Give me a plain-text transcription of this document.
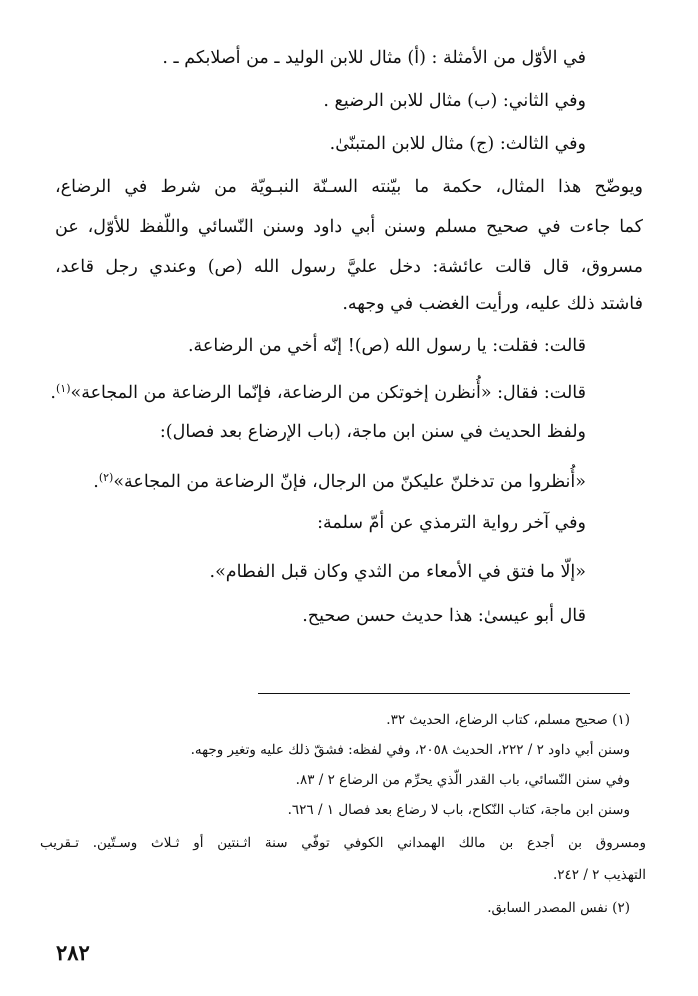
في الأوّل من الأمثلة : (أ) مثال للابن الوليد ـ من أصلابكم ـ .
وفي الثاني: (ب) مثال للابن الرضيع .
وفي الثالث: (ج) مثال للابن المتبنّىٰ.
ويوضّح هذا المثال، حكمة ما بيّنته السـنّة النبـويّة من شرط في الرضاع،
كما جاءت في صحيح مسلم وسنن أبي داود وسنن النّسائي واللّفظ للأوّل، عن
مسروق، قال قالت عائشة: دخل عليَّ رسول الله (ص) وعندي رجل قاعد،
فاشتد ذلك عليه، ورأيت الغضب في وجهه.
قالت: فقلت: يا رسول الله (ص)! إنّه أخي من الرضاعة.
قالت: فقال: «أُنظرن إخوتكن من الرضاعة، فإنّما الرضاعة من المجاعة»$^{(١)}$.
ولفظ الحديث في سنن ابن ماجة، (باب الإرضاع بعد فصال):
«أُنظروا من تدخلنّ عليكنّ من الرجال، فإنّ الرضاعة من المجاعة»$^{(٢)}$.
وفي آخر رواية الترمذي عن أمّ سلمة:
«إلّا ما فتق في الأمعاء من الثدي وكان قبل الفطام».
قال أبو عيسىٰ: هذا حديث حسن صحيح.
(١) صحيح مسلم، كتاب الرضاع، الحديث ٣٢.
وسنن أبي داود ٢ / ٢٢٢، الحديث ٢٠٥٨، وفي لفظه: فشقّ ذلك عليه وتغير وجهه.
وفي سنن النّسائي، باب القدر الّذي يحرِّم من الرضاع ٢ / ٨٣.
وسنن ابن ماجة، كتاب النّكاح، باب لا رضاع بعد فصال ١ / ٦٢٦.
ومسروق بن أجدع بن مالك الهمداني الكوفي توفّي سنة اثـنتين أو ثـلاث وسـتّين. تـقريب
التهذيب ٢ / ٢٤٢.
(٢) نفس المصدر السابق.
٢٨٢
